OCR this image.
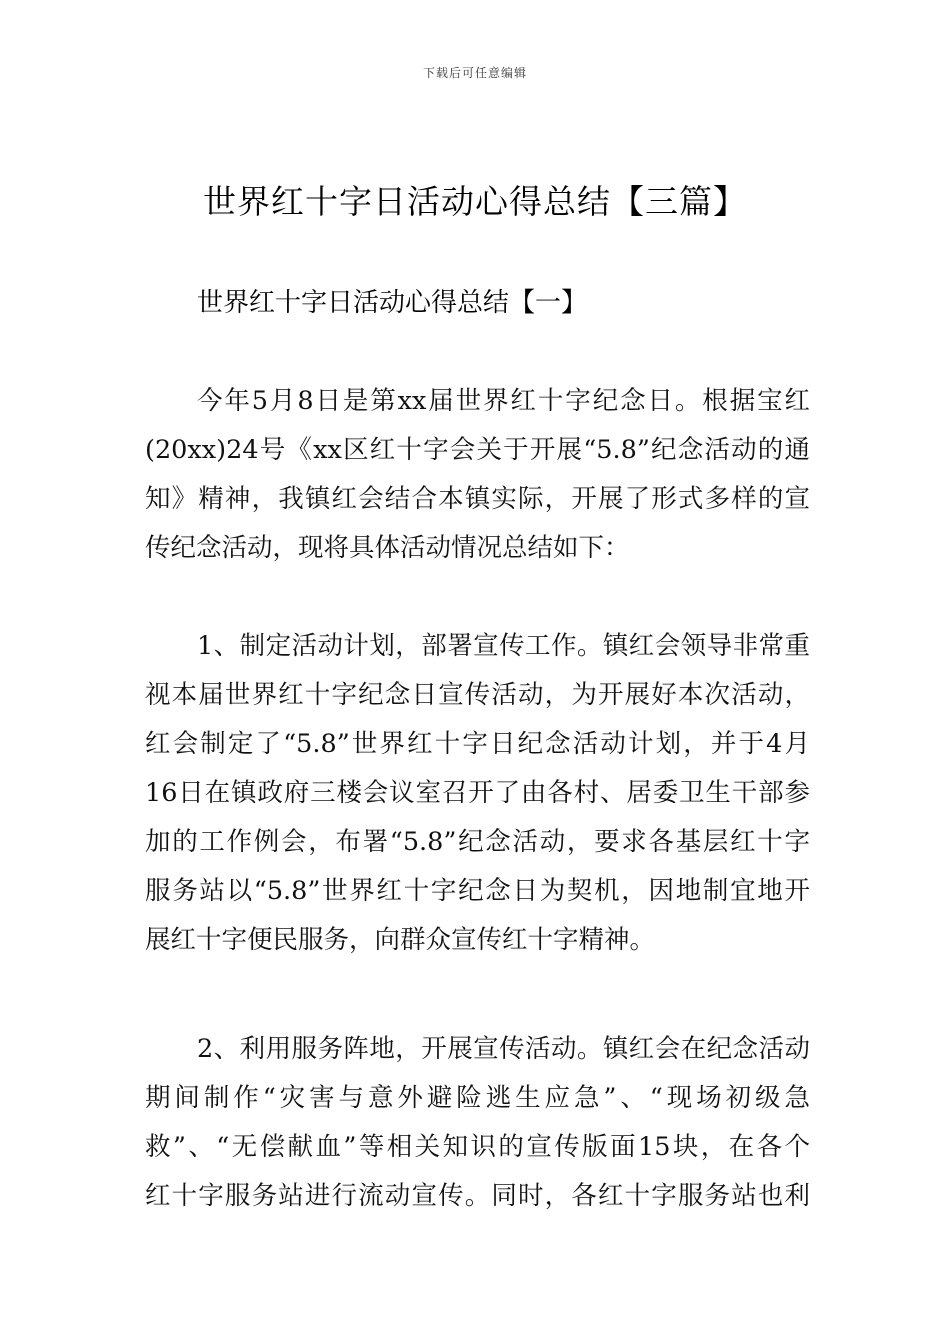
下载后可任意编辑
世界红十字日活动心得总结【三篇】
世界红十字日活动心得总结【一】
今年5月8日是第xx届世界红十字纪念日。根据宝红
(20xx)24号《xx区红十字会关于开展“5.8”纪念活动的通
知》精神，我镇红会结合本镇实际，开展了形式多样的宣
传纪念活动，现将具体活动情况总结如下：
1、制定活动计划，部署宣传工作。镇红会领导非常重
视本届世界红十字纪念日宣传活动，为开展好本次活动，
红会制定了“5.8”世界红十字日纪念活动计划，并于4月
16日在镇政府三楼会议室召开了由各村、居委卫生干部参
加的工作例会，布署“5.8”纪念活动，要求各基层红十字
服务站以“5.8”世界红十字纪念日为契机，因地制宜地开
展红十字便民服务，向群众宣传红十字精神。
2、利用服务阵地，开展宣传活动。镇红会在纪念活动
期间制作“灾害与意外避险逃生应急”、“现场初级急
救”、“无偿献血”等相关知识的宣传版面15块，在各个
红十字服务站进行流动宣传。同时，各红十字服务站也利
